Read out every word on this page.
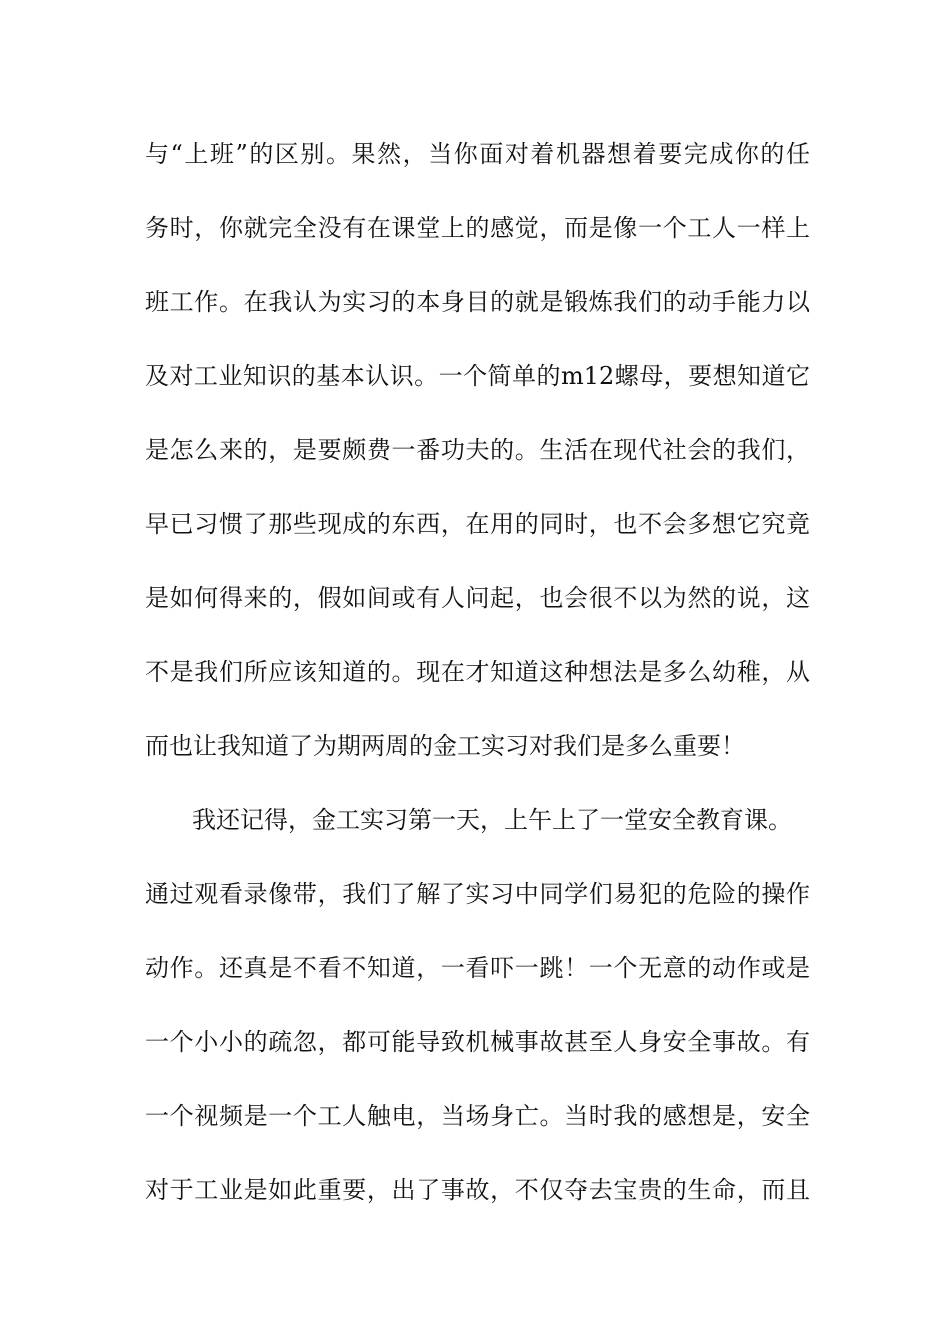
与“上班”的区别。果然，当你面对着机器想着要完成你的任
务时，你就完全没有在课堂上的感觉，而是像一个工人一样上
班工作。在我认为实习的本身目的就是锻炼我们的动手能力以
及对工业知识的基本认识。一个简单的m12螺母，要想知道它
是怎么来的，是要颇费一番功夫的。生活在现代社会的我们，
早已习惯了那些现成的东西，在用的同时，也不会多想它究竟
是如何得来的，假如间或有人问起，也会很不以为然的说，这
不是我们所应该知道的。现在才知道这种想法是多么幼稚，从
而也让我知道了为期两周的金工实习对我们是多么重要！
我还记得，金工实习第一天，上午上了一堂安全教育课。
通过观看录像带，我们了解了实习中同学们易犯的危险的操作
动作。还真是不看不知道，一看吓一跳！一个无意的动作或是
一个小小的疏忽，都可能导致机械事故甚至人身安全事故。有
一个视频是一个工人触电，当场身亡。当时我的感想是，安全
对于工业是如此重要，出了事故，不仅夺去宝贵的生命，而且
